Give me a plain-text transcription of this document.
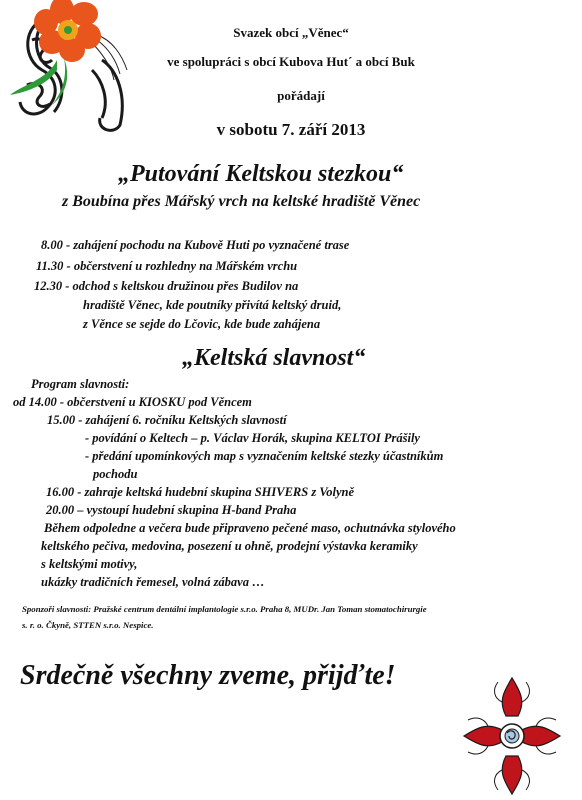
Svazek obcí „Věnec“

ve spolupráci s obcí Kubova Hut´ a obcí Buk

pořádají

v sobotu 7. září 2013

„Putování Keltskou stezkou“

z Boubína přes Mářský vrch na keltské hradiště Věnec

8.00 - zahájení pochodu na Kubově Huti po vyznačené trase

11.30 - občerstvení u rozhledny na Mářském vrchu

12.30 - odchod s keltskou družinou přes Budilov na

hradiště Věnec, kde poutníky přivítá keltský druid,

z Věnce se sejde do Lčovic, kde bude zahájena

„Keltská slavnost“

Program slavnosti:

od 14.00 - občerstvení u KIOSKU pod Věncem

15.00 - zahájení 6. ročníku Keltských slavností

- povídání o Keltech – p. Václav Horák, skupina KELTOI Prášily

- předání upomínkových map s vyznačením keltské stezky účastníkům

pochodu

16.00 - zahraje keltská hudební skupina SHIVERS z Volyně

20.00 – vystoupí hudební skupina H-band Praha

Během odpoledne a večera bude připraveno pečené maso, ochutnávka stylového

keltského pečiva, medovina, posezení u ohně, prodejní výstavka keramiky

s keltskými motivy,

ukázky tradičních řemesel, volná zábava …

Sponzoři slavnosti: Pražské centrum dentální implantologie s.r.o. Praha 8, MUDr. Jan Toman stomatochirurgie

s. r. o. Čkyně, STTEN s.r.o. Nespice.

Srdečně všechny zveme, přijďte!
